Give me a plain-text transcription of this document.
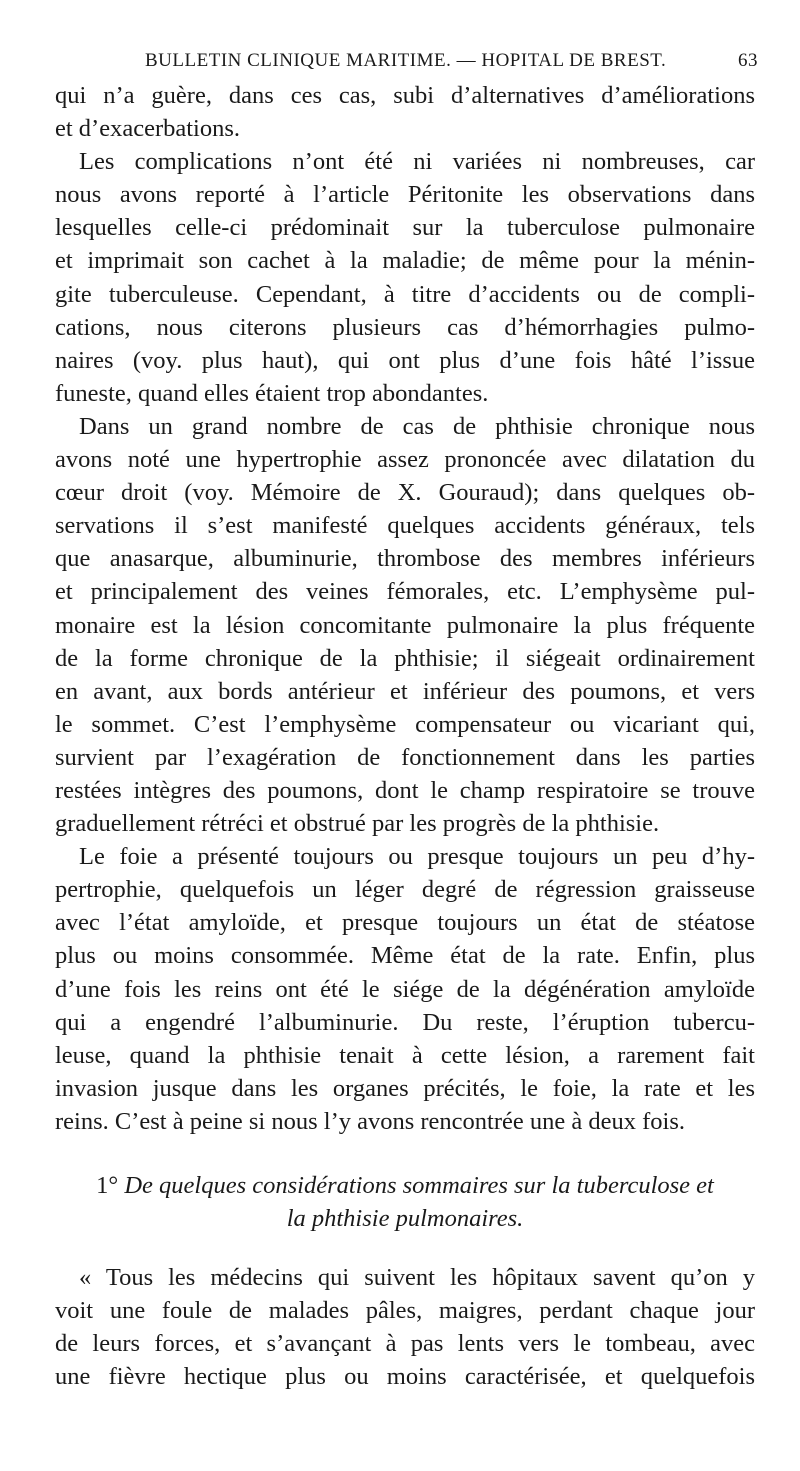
BULLETIN CLINIQUE MARITIME. — HOPITAL DE BREST.	63
qui n’a guère, dans ces cas, subi d’alternatives d’améliorations
et d’exacerbations.
Les complications n’ont été ni variées ni nombreuses, car
nous avons reporté à l’article Péritonite les observations dans
lesquelles celle-ci prédominait sur la tuberculose pulmonaire
et imprimait son cachet à la maladie; de même pour la ménin-
gite tuberculeuse. Cependant, à titre d’accidents ou de compli-
cations, nous citerons plusieurs cas d’hémorrhagies pulmo-
naires (voy. plus haut), qui ont plus d’une fois hâté l’issue
funeste, quand elles étaient trop abondantes.
Dans un grand nombre de cas de phthisie chronique nous
avons noté une hypertrophie assez prononcée avec dilatation du
cœur droit (voy. Mémoire de X. Gouraud); dans quelques ob-
servations il s’est manifesté quelques accidents généraux, tels
que anasarque, albuminurie, thrombose des membres inférieurs
et principalement des veines fémorales, etc. L’emphysème pul-
monaire est la lésion concomitante pulmonaire la plus fréquente
de la forme chronique de la phthisie; il siégeait ordinairement
en avant, aux bords antérieur et inférieur des poumons, et vers
le sommet. C’est l’emphysème compensateur ou vicariant qui,
survient par l’exagération de fonctionnement dans les parties
restées intègres des poumons, dont le champ respiratoire se trouve
graduellement rétréci et obstrué par les progrès de la phthisie.
Le foie a présenté toujours ou presque toujours un peu d’hy-
pertrophie, quelquefois un léger degré de régression graisseuse
avec l’état amyloïde, et presque toujours un état de stéatose
plus ou moins consommée. Même état de la rate. Enfin, plus
d’une fois les reins ont été le siége de la dégénération amyloïde
qui a engendré l’albuminurie. Du reste, l’éruption tubercu-
leuse, quand la phthisie tenait à cette lésion, a rarement fait
invasion jusque dans les organes précités, le foie, la rate et les
reins. C’est à peine si nous l’y avons rencontrée une à deux fois.
1° De quelques considérations sommaires sur la tuberculose et
la phthisie pulmonaires.
« Tous les médecins qui suivent les hôpitaux savent qu’on y
voit une foule de malades pâles, maigres, perdant chaque jour
de leurs forces, et s’avançant à pas lents vers le tombeau, avec
une fièvre hectique plus ou moins caractérisée, et quelquefois
